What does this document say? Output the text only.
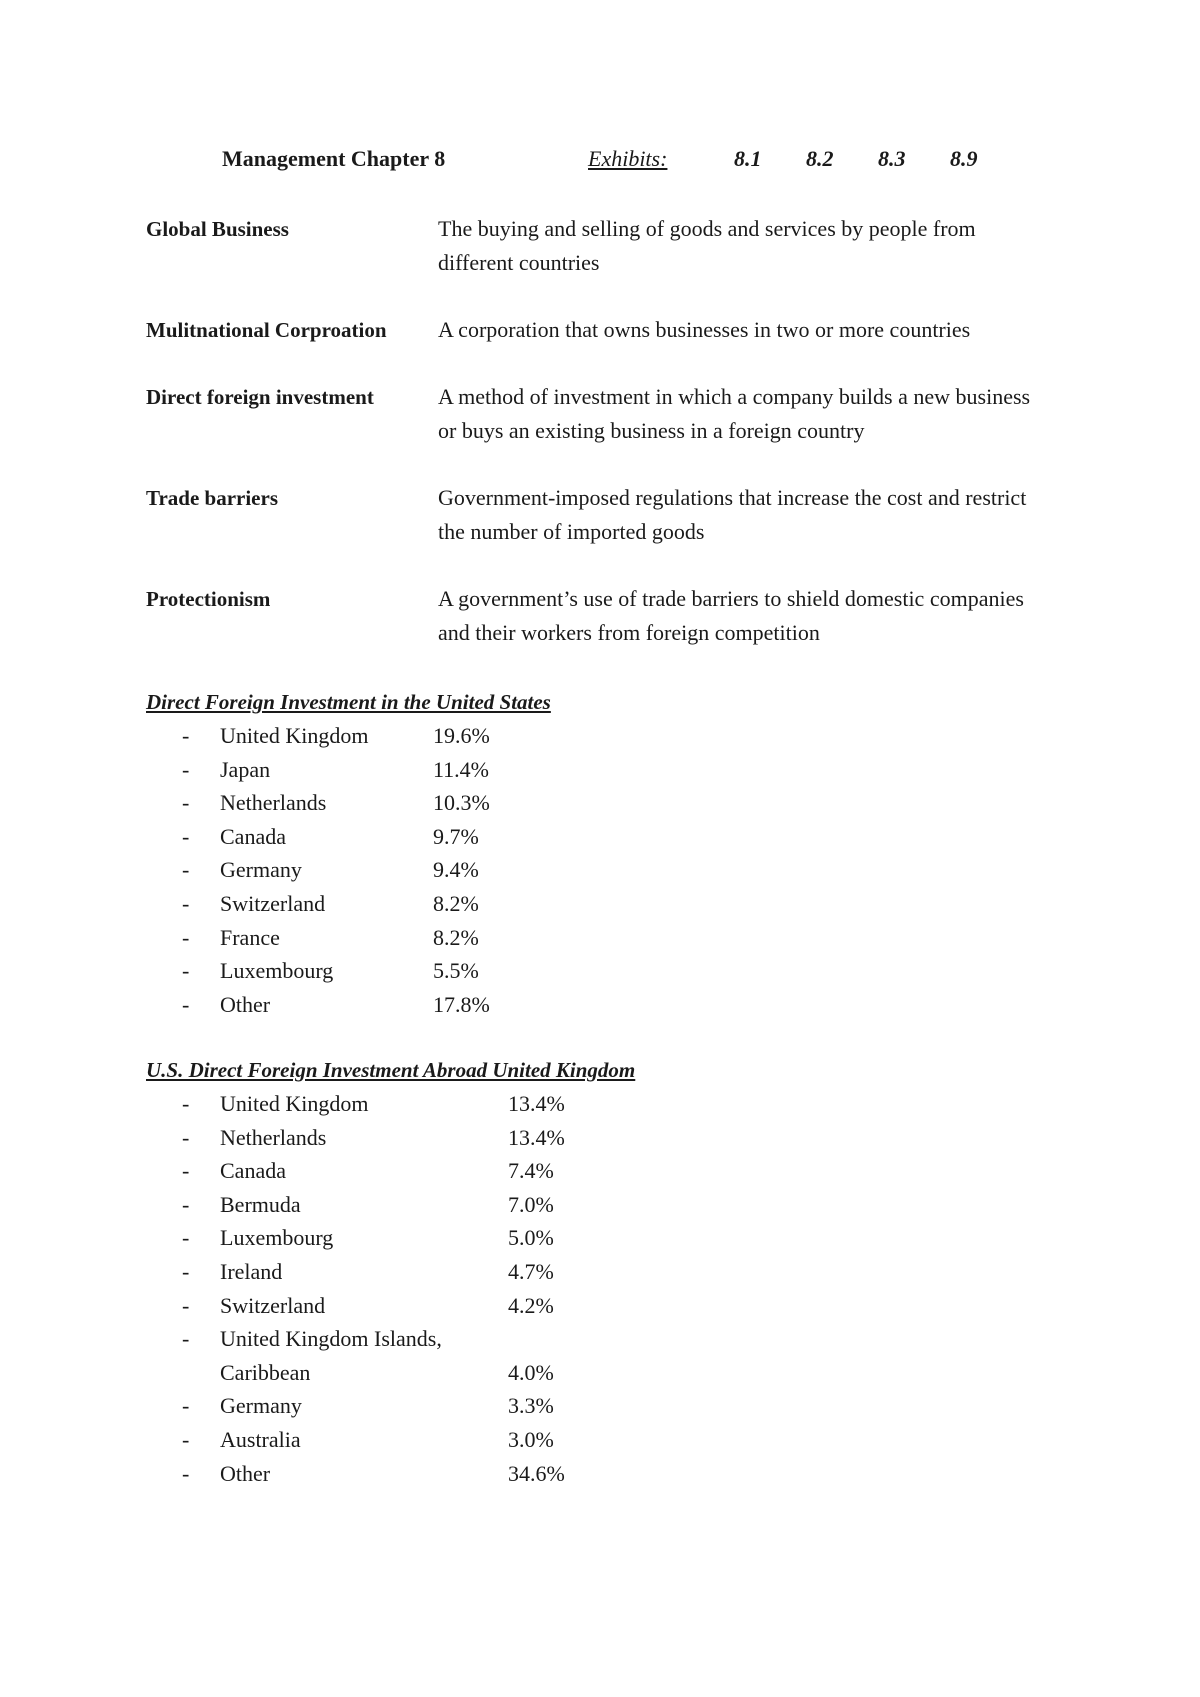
Management Chapter 8	Exhibits:	8.1 8.2 8.3 8.9
Global Business	The buying and selling of goods and services by people from different countries
Mulitnational Corproation	A corporation that owns businesses in two or more countries
Direct foreign investment	A method of investment in which a company builds a new business or buys an existing business in a foreign country
Trade barriers	Government-imposed regulations that increase the cost and restrict the number of imported goods
Protectionism	A government’s use of trade barriers to shield domestic companies and their workers from foreign competition
Direct Foreign Investment in the United States
-	United Kingdom	19.6%
-	Japan	11.4%
-	Netherlands	10.3%
-	Canada	9.7%
-	Germany	9.4%
-	Switzerland	8.2%
-	France	8.2%
-	Luxembourg	5.5%
-	Other	17.8%
U.S. Direct Foreign Investment Abroad United Kingdom
-	United Kingdom	13.4%
-	Netherlands	13.4%
-	Canada	7.4%
-	Bermuda	7.0%
-	Luxembourg	5.0%
-	Ireland	4.7%
-	Switzerland	4.2%
-	United Kingdom Islands,
Caribbean	4.0%
-	Germany	3.3%
-	Australia	3.0%
-	Other	34.6%
